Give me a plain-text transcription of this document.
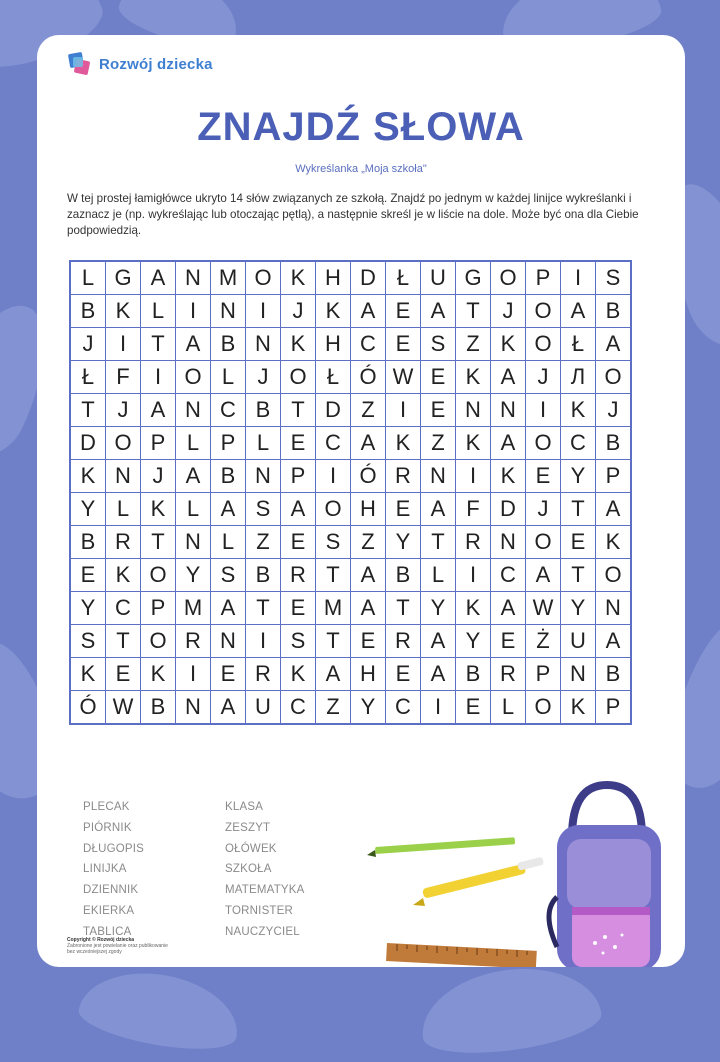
Rozwój dziecka
ZNAJDŹ SŁOWA
Wykreślanka „Moja szkoła"
W tej prostej łamigłówce ukryto 14 słów związanych ze szkołą. Znajdź po jednym w każdej linijce wykreślanki i zaznacz je (np. wykreślając lub otoczając pętlą), a następnie skreśl je w liście na dole. Może być ona dla Ciebie podpowiedzią.
L	G	A	N	M	O	K	H	D	Ł	U	G	O	P	I	S
B	K	L	I	N	I	J	K	A	E	A	T	J	O	A	B
J	I	T	A	B	N	K	H	C	E	S	Z	K	O	Ł	A
Ł	F	I	O	L	J	O	Ł	Ó	W	E	K	A	J	Л	О
T	J	A	N	C	B	T	D	Z	I	E	N	N	I	K	J
D	O	P	L	P	L	E	C	A	K	Z	K	A	O	C	B
K	N	J	A	B	N	P	I	Ó	R	N	I	K	E	Y	P
Y	L	K	L	A	S	A	O	H	E	A	F	D	J	T	A
B	R	T	N	L	Z	E	S	Z	Y	T	R	N	O	E	K
E	K	O	Y	S	B	R	T	A	B	L	I	C	A	T	O
Y	C	P	M	A	T	E	M	A	T	Y	K	A	W	Y	N
S	T	O	R	N	I	S	T	E	R	A	Y	E	Ż	U	A
K	E	K	I	E	R	K	A	H	E	A	B	R	P	N	B
Ó	W	B	N	A	U	C	Z	Y	C	I	E	L	O	K	P
PLECAK
PIÓRNIK
DŁUGOPIS
LINIJKA
DZIENNIK
EKIERKA
TABLICA
KLASA
ZESZYT
OŁÓWEK
SZKOŁA
MATEMATYKA
TORNISTER
NAUCZYCIEL
Copyright © Rozwój dziecka
Zabronione jest powielanie oraz publikowanie
bez wcześniejszej zgody
